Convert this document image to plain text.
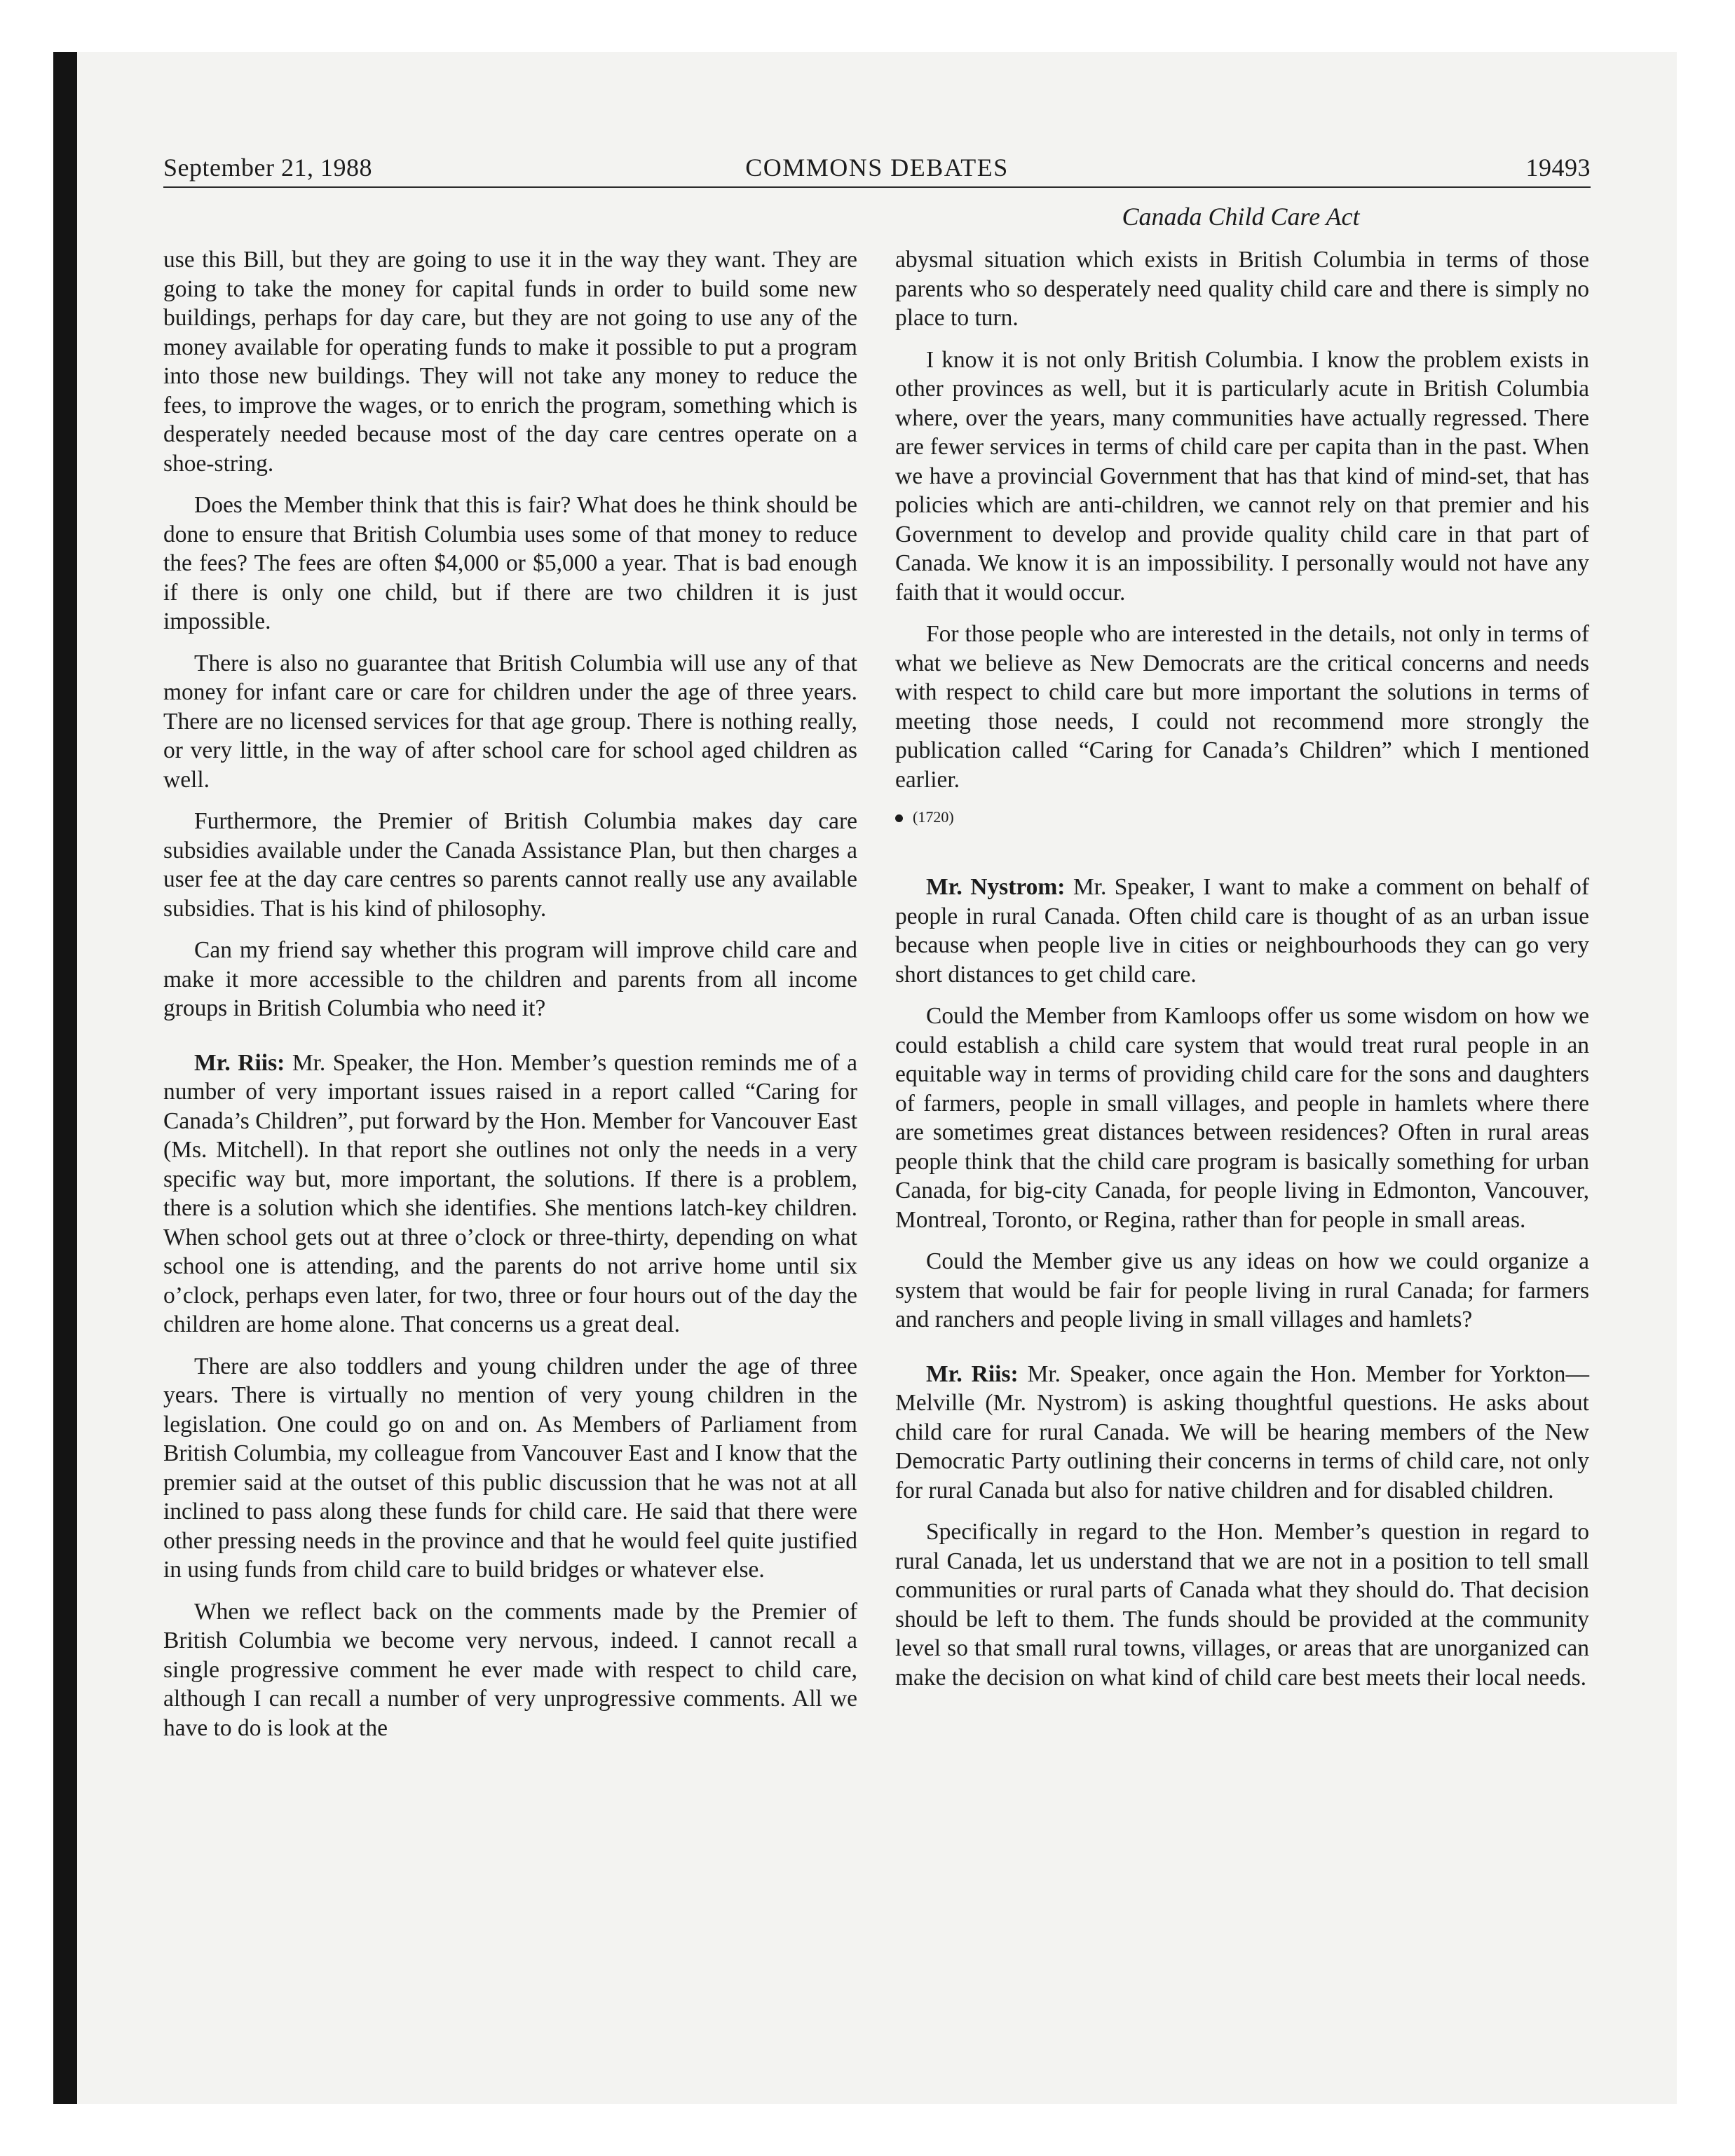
September 21, 1988	COMMONS DEBATES	19493
Canada Child Care Act

use this Bill, but they are going to use it in the way they want. They are going to take the money for capital funds in order to build some new buildings, perhaps for day care, but they are not going to use any of the money available for operating funds to make it possible to put a program into those new buildings. They will not take any money to reduce the fees, to improve the wages, or to enrich the program, something which is desperately needed because most of the day care centres operate on a shoe-string.

Does the Member think that this is fair? What does he think should be done to ensure that British Columbia uses some of that money to reduce the fees? The fees are often $4,000 or $5,000 a year. That is bad enough if there is only one child, but if there are two children it is just impossible.

There is also no guarantee that British Columbia will use any of that money for infant care or care for children under the age of three years. There are no licensed services for that age group. There is nothing really, or very little, in the way of after school care for school aged children as well.

Furthermore, the Premier of British Columbia makes day care subsidies available under the Canada Assistance Plan, but then charges a user fee at the day care centres so parents cannot really use any available subsidies. That is his kind of philosophy.

Can my friend say whether this program will improve child care and make it more accessible to the children and parents from all income groups in British Columbia who need it?

Mr. Riis: Mr. Speaker, the Hon. Member’s question reminds me of a number of very important issues raised in a report called “Caring for Canada’s Children”, put forward by the Hon. Member for Vancouver East (Ms. Mitchell). In that report she outlines not only the needs in a very specific way but, more important, the solutions. If there is a problem, there is a solution which she identifies. She mentions latch-key children. When school gets out at three o’clock or three-thirty, depending on what school one is attending, and the parents do not arrive home until six o’clock, perhaps even later, for two, three or four hours out of the day the children are home alone. That concerns us a great deal.

There are also toddlers and young children under the age of three years. There is virtually no mention of very young children in the legislation. One could go on and on. As Members of Parliament from British Columbia, my colleague from Vancouver East and I know that the premier said at the outset of this public discussion that he was not at all inclined to pass along these funds for child care. He said that there were other pressing needs in the province and that he would feel quite justified in using funds from child care to build bridges or whatever else.

When we reflect back on the comments made by the Premier of British Columbia we become very nervous, indeed. I cannot recall a single progressive comment he ever made with respect to child care, although I can recall a number of very unprogressive comments. All we have to do is look at the

abysmal situation which exists in British Columbia in terms of those parents who so desperately need quality child care and there is simply no place to turn.

I know it is not only British Columbia. I know the problem exists in other provinces as well, but it is particularly acute in British Columbia where, over the years, many communities have actually regressed. There are fewer services in terms of child care per capita than in the past. When we have a provincial Government that has that kind of mind-set, that has policies which are anti-children, we cannot rely on that premier and his Government to develop and provide quality child care in that part of Canada. We know it is an impossibility. I personally would not have any faith that it would occur.

For those people who are interested in the details, not only in terms of what we believe as New Democrats are the critical concerns and needs with respect to child care but more important the solutions in terms of meeting those needs, I could not recommend more strongly the publication called “Caring for Canada’s Children” which I mentioned earlier.

(1720)

Mr. Nystrom: Mr. Speaker, I want to make a comment on behalf of people in rural Canada. Often child care is thought of as an urban issue because when people live in cities or neighbourhoods they can go very short distances to get child care.

Could the Member from Kamloops offer us some wisdom on how we could establish a child care system that would treat rural people in an equitable way in terms of providing child care for the sons and daughters of farmers, people in small villages, and people in hamlets where there are sometimes great distances between residences? Often in rural areas people think that the child care program is basically something for urban Canada, for big-city Canada, for people living in Edmonton, Vancouver, Montreal, Toronto, or Regina, rather than for people in small areas.

Could the Member give us any ideas on how we could organize a system that would be fair for people living in rural Canada; for farmers and ranchers and people living in small villages and hamlets?

Mr. Riis: Mr. Speaker, once again the Hon. Member for Yorkton—Melville (Mr. Nystrom) is asking thoughtful questions. He asks about child care for rural Canada. We will be hearing members of the New Democratic Party outlining their concerns in terms of child care, not only for rural Canada but also for native children and for disabled children.

Specifically in regard to the Hon. Member’s question in regard to rural Canada, let us understand that we are not in a position to tell small communities or rural parts of Canada what they should do. That decision should be left to them. The funds should be provided at the community level so that small rural towns, villages, or areas that are unorganized can make the decision on what kind of child care best meets their local needs.
